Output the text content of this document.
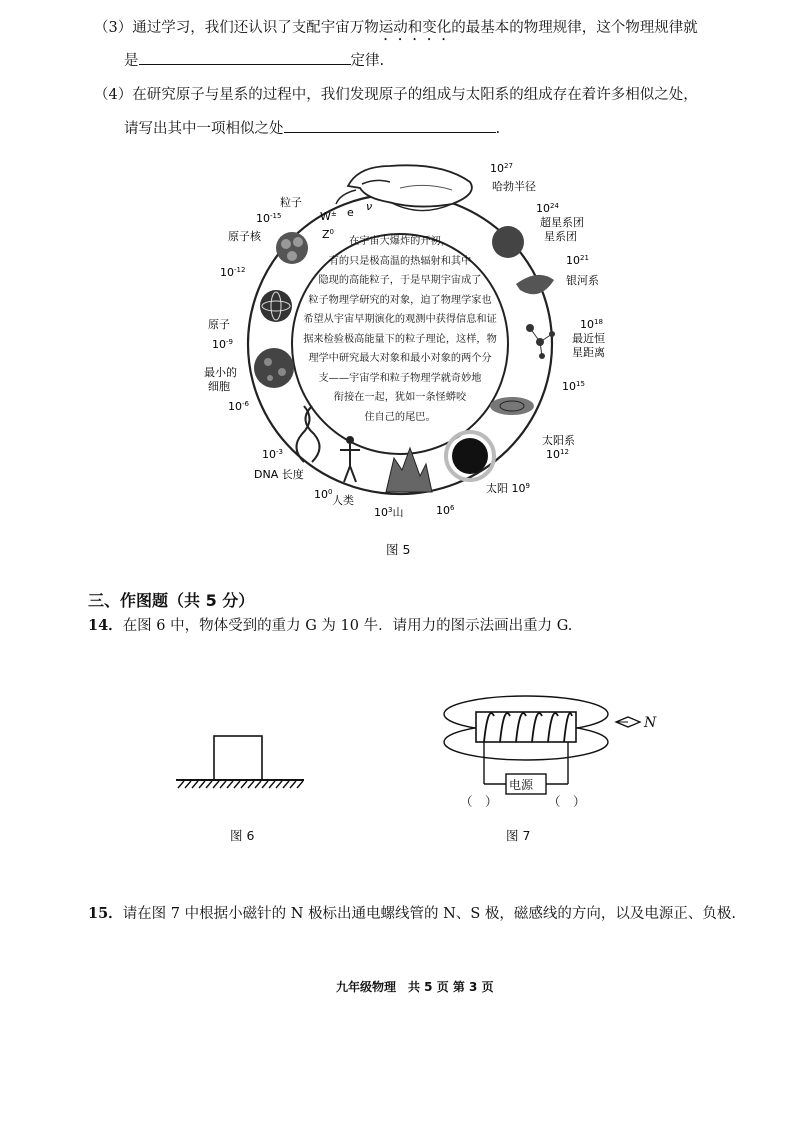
（3）通过学习，我们还认识了支配宇宙万物运动和变化的最基本的物理规律，这个物理规律就
是	定律.
（4）在研究原子与星系的过程中，我们发现原子的组成与太阳系的组成存在着许多相似之处，
请写出其中一项相似之处	.
W± e ν
$Z^0$
粒子
$10^{-15}$
原子核
$10^{-12}$
原子
$10^{-9}$
最小的
细胞
$10^{-6}$
$10^{-3}$
DNA 长度
$10^0$
人类
$10^3$山	$10^6$
太阳 $10^9$
太阳系
$10^{12}$
$10^{15}$
$10^{18}$
最近恒
星距离
$10^{21}$
银河系
$10^{24}$
超星系团
星系团
$10^{27}$
哈勃半径
在宇宙大爆炸的开初，
有的只是极高温的热辐射和其中
隐现的高能粒子，于是早期宇宙成了
粒子物理学研究的对象，迫了物理学家也
希望从宇宙早期演化的观测中获得信息和证
据来检验极高能量下的粒子理论，这样，物
理学中研究最大对象和最小对象的两个分
支——宇宙学和粒子物理学就奇妙地
衔接在一起，犹如一条怪蟒咬
住自己的尾巴。
图 5
三、作图题（共 5 分）
14．在图 6 中，物体受到的重力 G 为 10 牛．请用力的图示法画出重力 G.
图 6
电源
N
（　）	（　）
图 7
15．请在图 7 中根据小磁针的 N 极标出通电螺线管的 N、S 极，磁感线的方向，以及电源正、负极.
九年级物理　共 5 页 第 3 页
